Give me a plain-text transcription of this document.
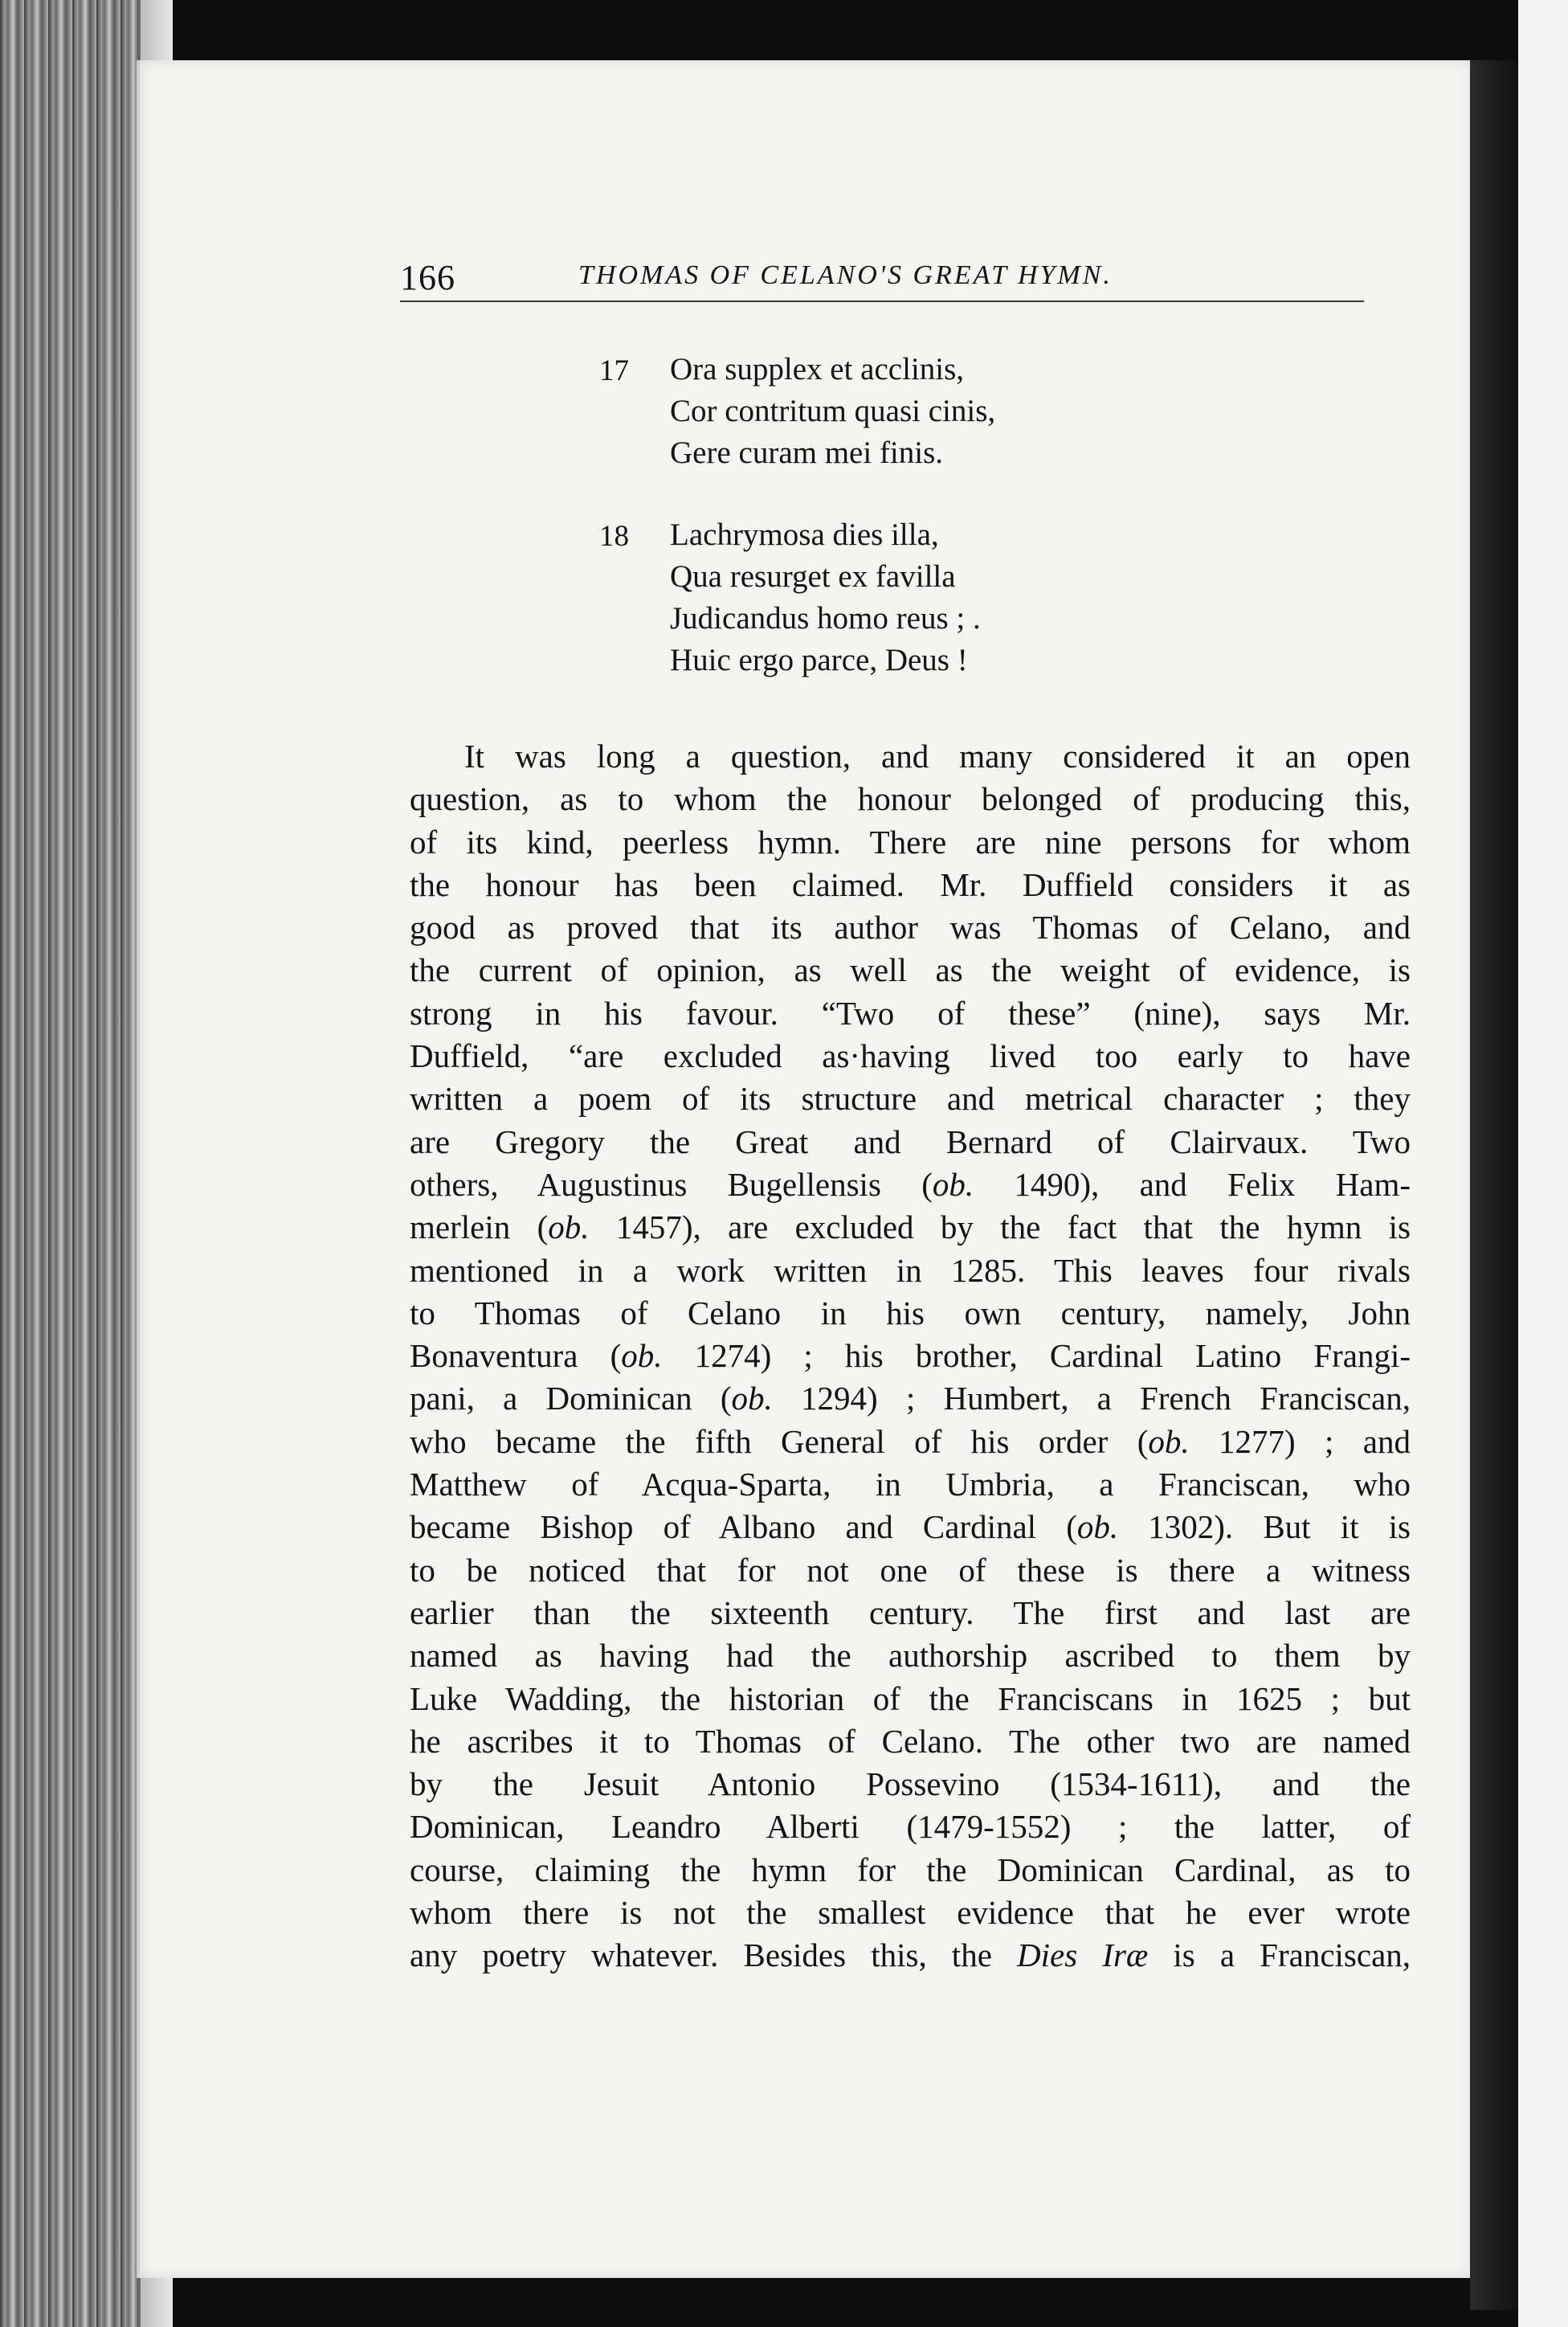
166	THOMAS OF CELANO'S GREAT HYMN.
17	Ora supplex et acclinis,
Cor contritum quasi cinis,
Gere curam mei finis.
18	Lachrymosa dies illa,
Qua resurget ex favilla
Judicandus homo reus ; .
Huic ergo parce, Deus !
It was long a question, and many considered it an open
question, as to whom the honour belonged of producing this,
of its kind, peerless hymn. There are nine persons for whom
the honour has been claimed. Mr. Duffield considers it as
good as proved that its author was Thomas of Celano, and
the current of opinion, as well as the weight of evidence, is
strong in his favour. “Two of these” (nine), says Mr.
Duffield, “are excluded as·having lived too early to have
written a poem of its structure and metrical character ; they
are Gregory the Great and Bernard of Clairvaux. Two
others, Augustinus Bugellensis (ob. 1490), and Felix Ham-
merlein (ob. 1457), are excluded by the fact that the hymn is
mentioned in a work written in 1285. This leaves four rivals
to Thomas of Celano in his own century, namely, John
Bonaventura (ob. 1274) ; his brother, Cardinal Latino Frangi-
pani, a Dominican (ob. 1294) ; Humbert, a French Franciscan,
who became the fifth General of his order (ob. 1277) ; and
Matthew of Acqua-Sparta, in Umbria, a Franciscan, who
became Bishop of Albano and Cardinal (ob. 1302). But it is
to be noticed that for not one of these is there a witness
earlier than the sixteenth century. The first and last are
named as having had the authorship ascribed to them by
Luke Wadding, the historian of the Franciscans in 1625 ; but
he ascribes it to Thomas of Celano. The other two are named
by the Jesuit Antonio Possevino (1534-1611), and the
Dominican, Leandro Alberti (1479-1552) ; the latter, of
course, claiming the hymn for the Dominican Cardinal, as to
whom there is not the smallest evidence that he ever wrote
any poetry whatever. Besides this, the Dies Iræ is a Franciscan,
